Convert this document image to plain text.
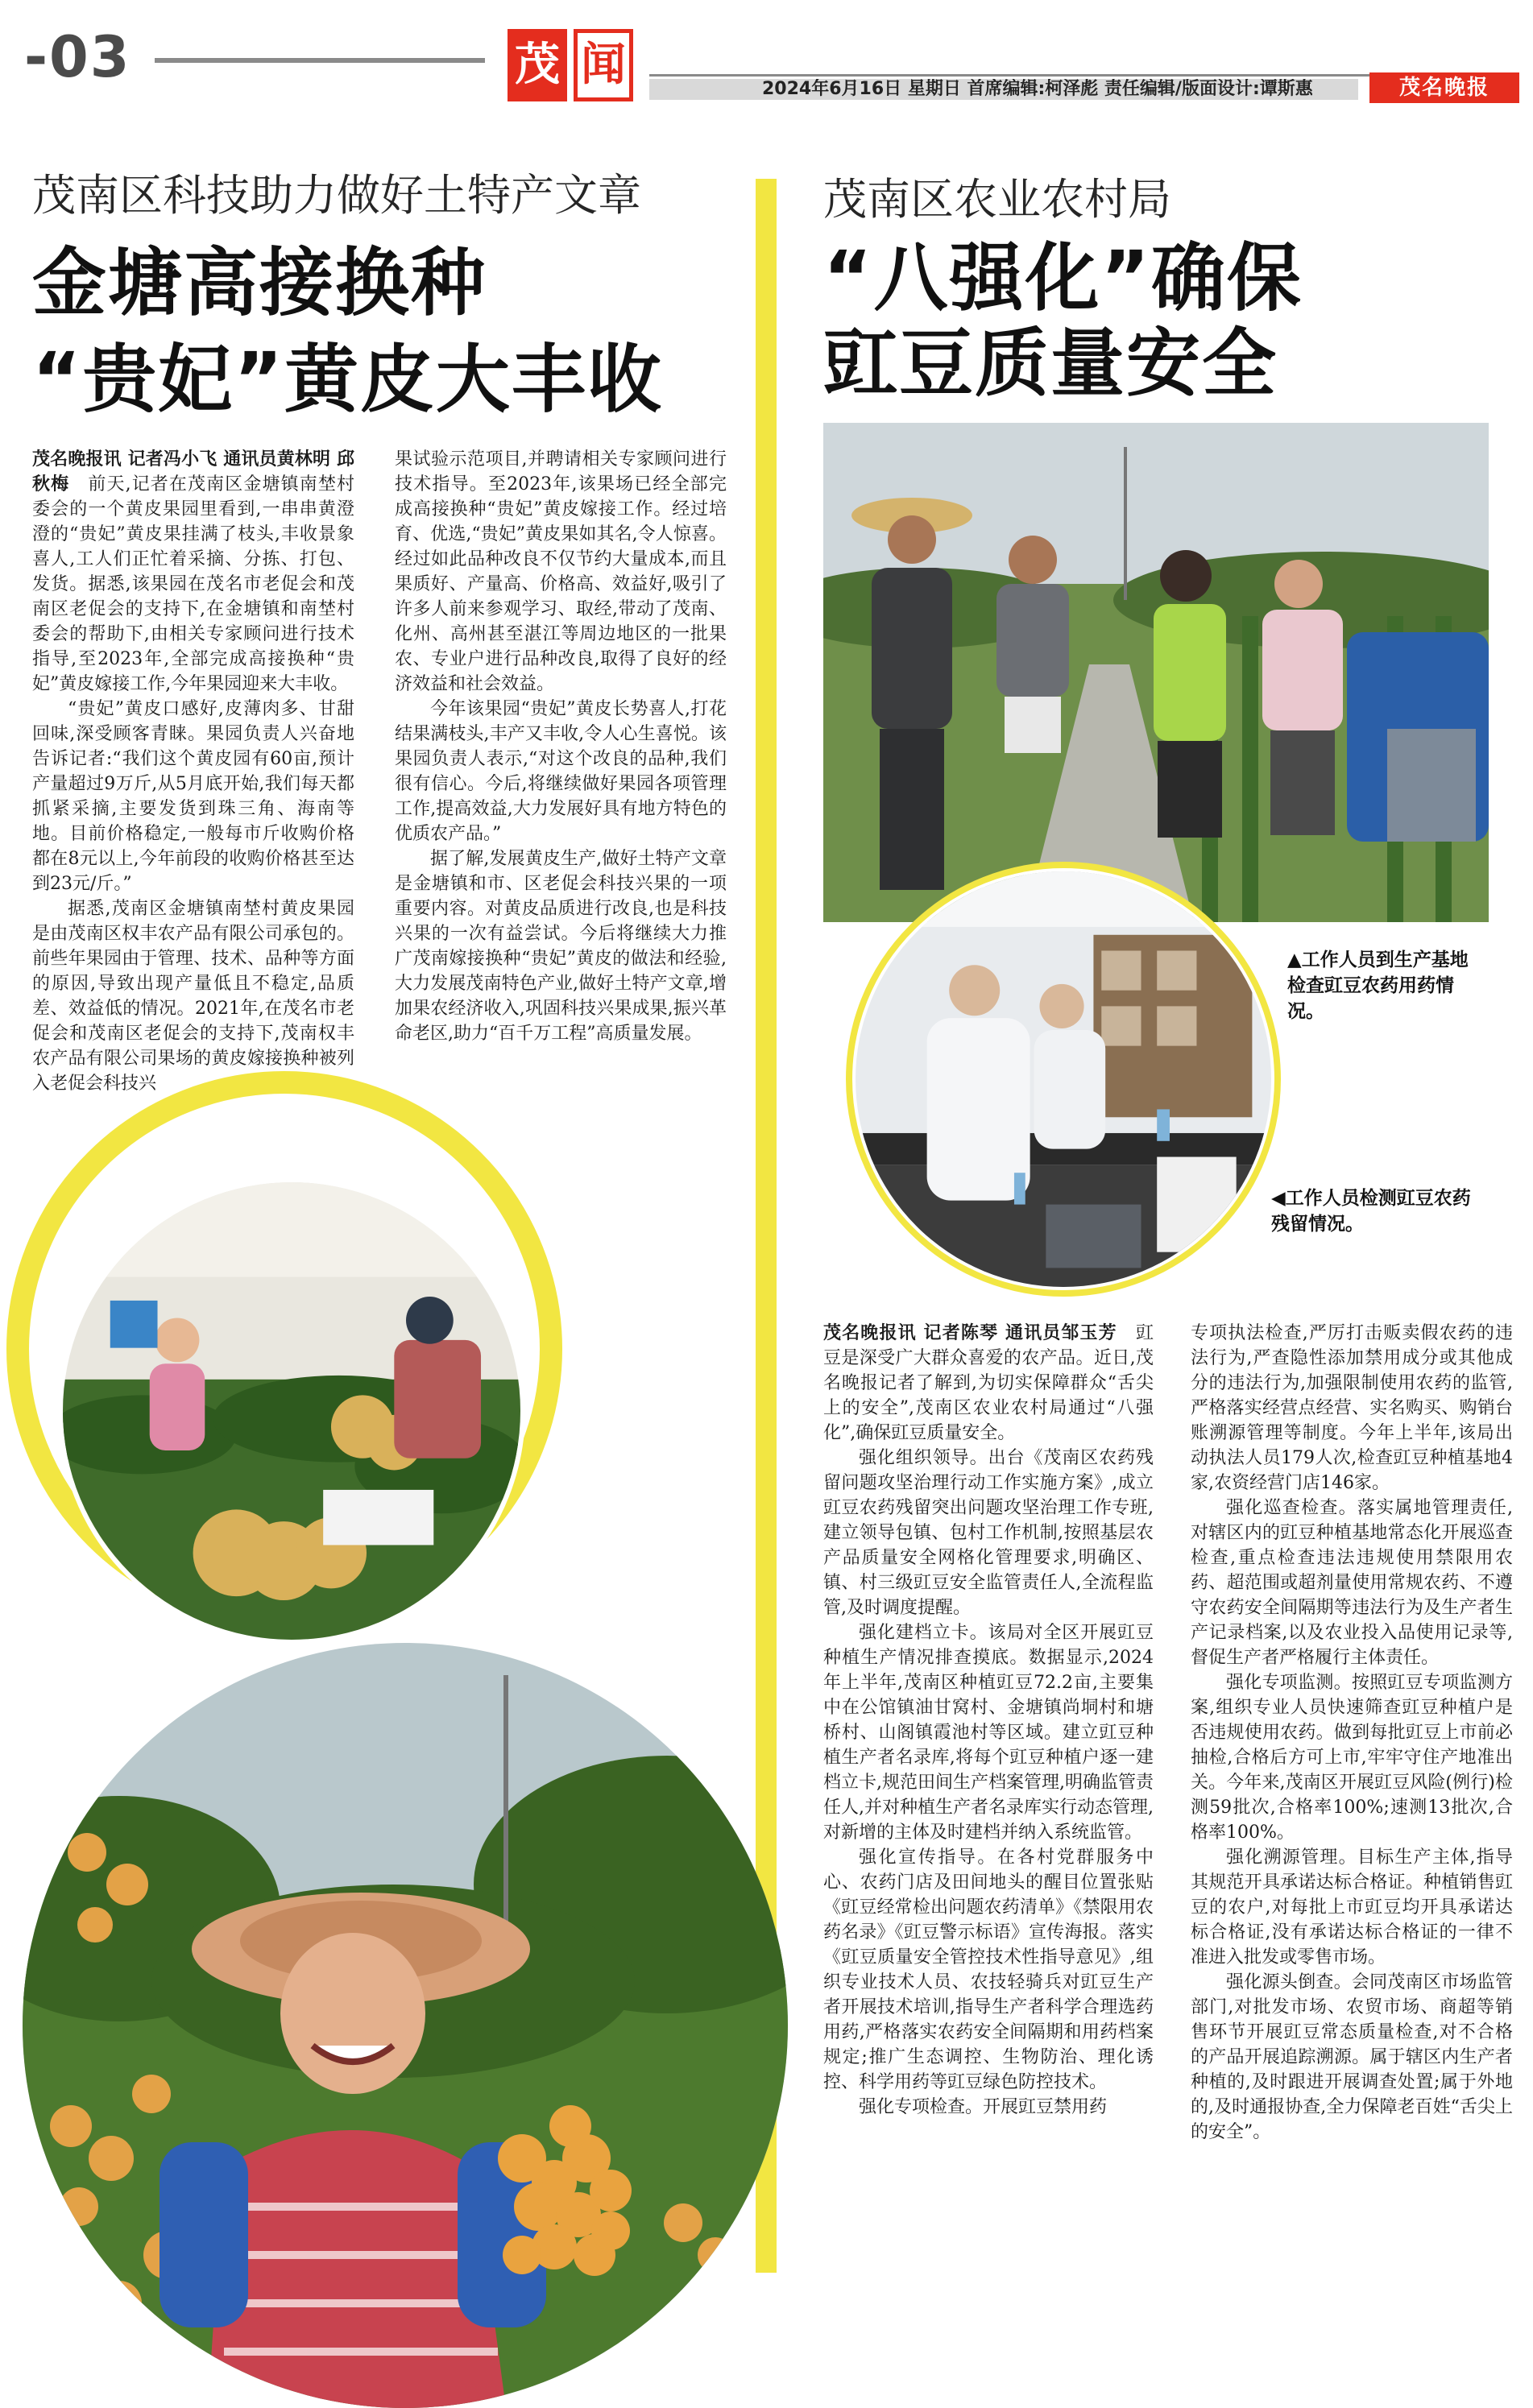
-03	茂 闻	2024年6月16日 星期日 首席编辑:柯泽彪 责任编辑/版面设计:谭斯惠	茂名晚报
茂南区科技助力做好土特产文章
金塘高接换种
“贵妃”黄皮大丰收
茂南区农业农村局
“八强化”确保
豇豆质量安全

茂名晚报讯 记者冯小飞 通讯员黄林明 邱秋梅  前天,记者在茂南区金塘镇南埜村委会的一个黄皮果园里看到,一串串黄澄澄的“贵妃”黄皮果挂满了枝头,丰收景象喜人,工人们正忙着采摘、分拣、打包、发货。据悉,该果园在茂名市老促会和茂南区老促会的支持下,在金塘镇和南埜村委会的帮助下,由相关专家顾问进行技术指导,至2023年,全部完成高接换种“贵妃”黄皮嫁接工作,今年果园迎来大丰收。

“贵妃”黄皮口感好,皮薄肉多、甘甜回味,深受顾客青睐。果园负责人兴奋地告诉记者:“我们这个黄皮园有60亩,预计产量超过9万斤,从5月底开始,我们每天都抓紧采摘,主要发货到珠三角、海南等地。目前价格稳定,一般每市斤收购价格都在8元以上,今年前段的收购价格甚至达到23元/斤。”

据悉,茂南区金塘镇南埜村黄皮果园是由茂南区权丰农产品有限公司承包的。前些年果园由于管理、技术、品种等方面的原因,导致出现产量低且不稳定,品质差、效益低的情况。2021年,在茂名市老促会和茂南区老促会的支持下,茂南权丰农产品有限公司果场的黄皮嫁接换种被列入老促会科技兴

果试验示范项目,并聘请相关专家顾问进行技术指导。至2023年,该果场已经全部完成高接换种“贵妃”黄皮嫁接工作。经过培育、优选,“贵妃”黄皮果如其名,令人惊喜。经过如此品种改良不仅节约大量成本,而且果质好、产量高、价格高、效益好,吸引了许多人前来参观学习、取经,带动了茂南、化州、高州甚至湛江等周边地区的一批果农、专业户进行品种改良,取得了良好的经济效益和社会效益。

今年该果园“贵妃”黄皮长势喜人,打花结果满枝头,丰产又丰收,令人心生喜悦。该果园负责人表示,“对这个改良的品种,我们很有信心。今后,将继续做好果园各项管理工作,提高效益,大力发展好具有地方特色的优质农产品。”

据了解,发展黄皮生产,做好土特产文章是金塘镇和市、区老促会科技兴果的一项重要内容。对黄皮品质进行改良,也是科技兴果的一次有益尝试。今后将继续大力推广茂南嫁接换种“贵妃”黄皮的做法和经验,大力发展茂南特色产业,做好土特产文章,增加果农经济收入,巩固科技兴果成果,振兴革命老区,助力“百千万工程”高质量发展。

▲工作人员到生产基地检查豇豆农药用药情况。
◀工作人员检测豇豆农药残留情况。

茂名晚报讯 记者陈琴 通讯员邹玉芳  豇豆是深受广大群众喜爱的农产品。近日,茂名晚报记者了解到,为切实保障群众“舌尖上的安全”,茂南区农业农村局通过“八强化”,确保豇豆质量安全。

强化组织领导。出台《茂南区农药残留问题攻坚治理行动工作实施方案》,成立豇豆农药残留突出问题攻坚治理工作专班,建立领导包镇、包村工作机制,按照基层农产品质量安全网格化管理要求,明确区、镇、村三级豇豆安全监管责任人,全流程监管,及时调度提醒。

强化建档立卡。该局对全区开展豇豆种植生产情况排查摸底。数据显示,2024年上半年,茂南区种植豇豆72.2亩,主要集中在公馆镇油甘窝村、金塘镇尚垌村和塘桥村、山阁镇霞池村等区域。建立豇豆种植生产者名录库,将每个豇豆种植户逐一建档立卡,规范田间生产档案管理,明确监管责任人,并对种植生产者名录库实行动态管理,对新增的主体及时建档并纳入系统监管。

强化宣传指导。在各村党群服务中心、农药门店及田间地头的醒目位置张贴《豇豆经常检出问题农药清单》《禁限用农药名录》《豇豆警示标语》宣传海报。落实《豇豆质量安全管控技术性指导意见》,组织专业技术人员、农技轻骑兵对豇豆生产者开展技术培训,指导生产者科学合理选药用药,严格落实农药安全间隔期和用药档案规定;推广生态调控、生物防治、理化诱控、科学用药等豇豆绿色防控技术。

强化专项检查。开展豇豆禁用药

专项执法检查,严厉打击贩卖假农药的违法行为,严查隐性添加禁用成分或其他成分的违法行为,加强限制使用农药的监管,严格落实经营点经营、实名购买、购销台账溯源管理等制度。今年上半年,该局出动执法人员179人次,检查豇豆种植基地4家,农资经营门店146家。

强化巡查检查。落实属地管理责任,对辖区内的豇豆种植基地常态化开展巡查检查,重点检查违法违规使用禁限用农药、超范围或超剂量使用常规农药、不遵守农药安全间隔期等违法行为及生产者生产记录档案,以及农业投入品使用记录等,督促生产者严格履行主体责任。

强化专项监测。按照豇豆专项监测方案,组织专业人员快速筛查豇豆种植户是否违规使用农药。做到每批豇豆上市前必抽检,合格后方可上市,牢牢守住产地准出关。今年来,茂南区开展豇豆风险(例行)检测59批次,合格率100%;速测13批次,合格率100%。

强化溯源管理。目标生产主体,指导其规范开具承诺达标合格证。种植销售豇豆的农户,对每批上市豇豆均开具承诺达标合格证,没有承诺达标合格证的一律不准进入批发或零售市场。

强化源头倒查。会同茂南区市场监管部门,对批发市场、农贸市场、商超等销售环节开展豇豆常态质量检查,对不合格的产品开展追踪溯源。属于辖区内生产者种植的,及时跟进开展调查处置;属于外地的,及时通报协查,全力保障老百姓“舌尖上的安全”。
